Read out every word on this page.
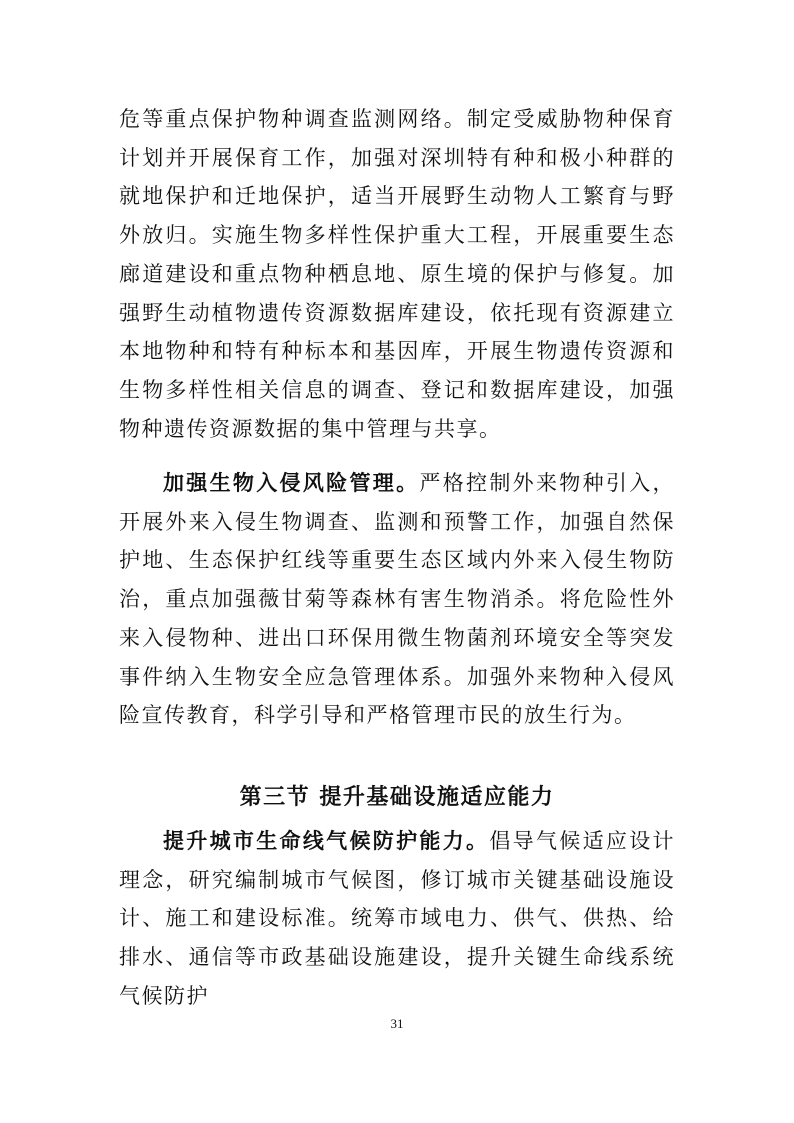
危等重点保护物种调查监测网络。制定受威胁物种保育计划并开展保育工作，加强对深圳特有种和极小种群的就地保护和迁地保护，适当开展野生动物人工繁育与野外放归。实施生物多样性保护重大工程，开展重要生态廊道建设和重点物种栖息地、原生境的保护与修复。加强野生动植物遗传资源数据库建设，依托现有资源建立本地物种和特有种标本和基因库，开展生物遗传资源和生物多样性相关信息的调查、登记和数据库建设，加强物种遗传资源数据的集中管理与共享。

加强生物入侵风险管理。严格控制外来物种引入，开展外来入侵生物调查、监测和预警工作，加强自然保护地、生态保护红线等重要生态区域内外来入侵生物防治，重点加强薇甘菊等森林有害生物消杀。将危险性外来入侵物种、进出口环保用微生物菌剂环境安全等突发事件纳入生物安全应急管理体系。加强外来物种入侵风险宣传教育，科学引导和严格管理市民的放生行为。

第三节 提升基础设施适应能力

提升城市生命线气候防护能力。倡导气候适应设计理念，研究编制城市气候图，修订城市关键基础设施设计、施工和建设标准。统筹市域电力、供气、供热、给排水、通信等市政基础设施建设，提升关键生命线系统气候防护

31
